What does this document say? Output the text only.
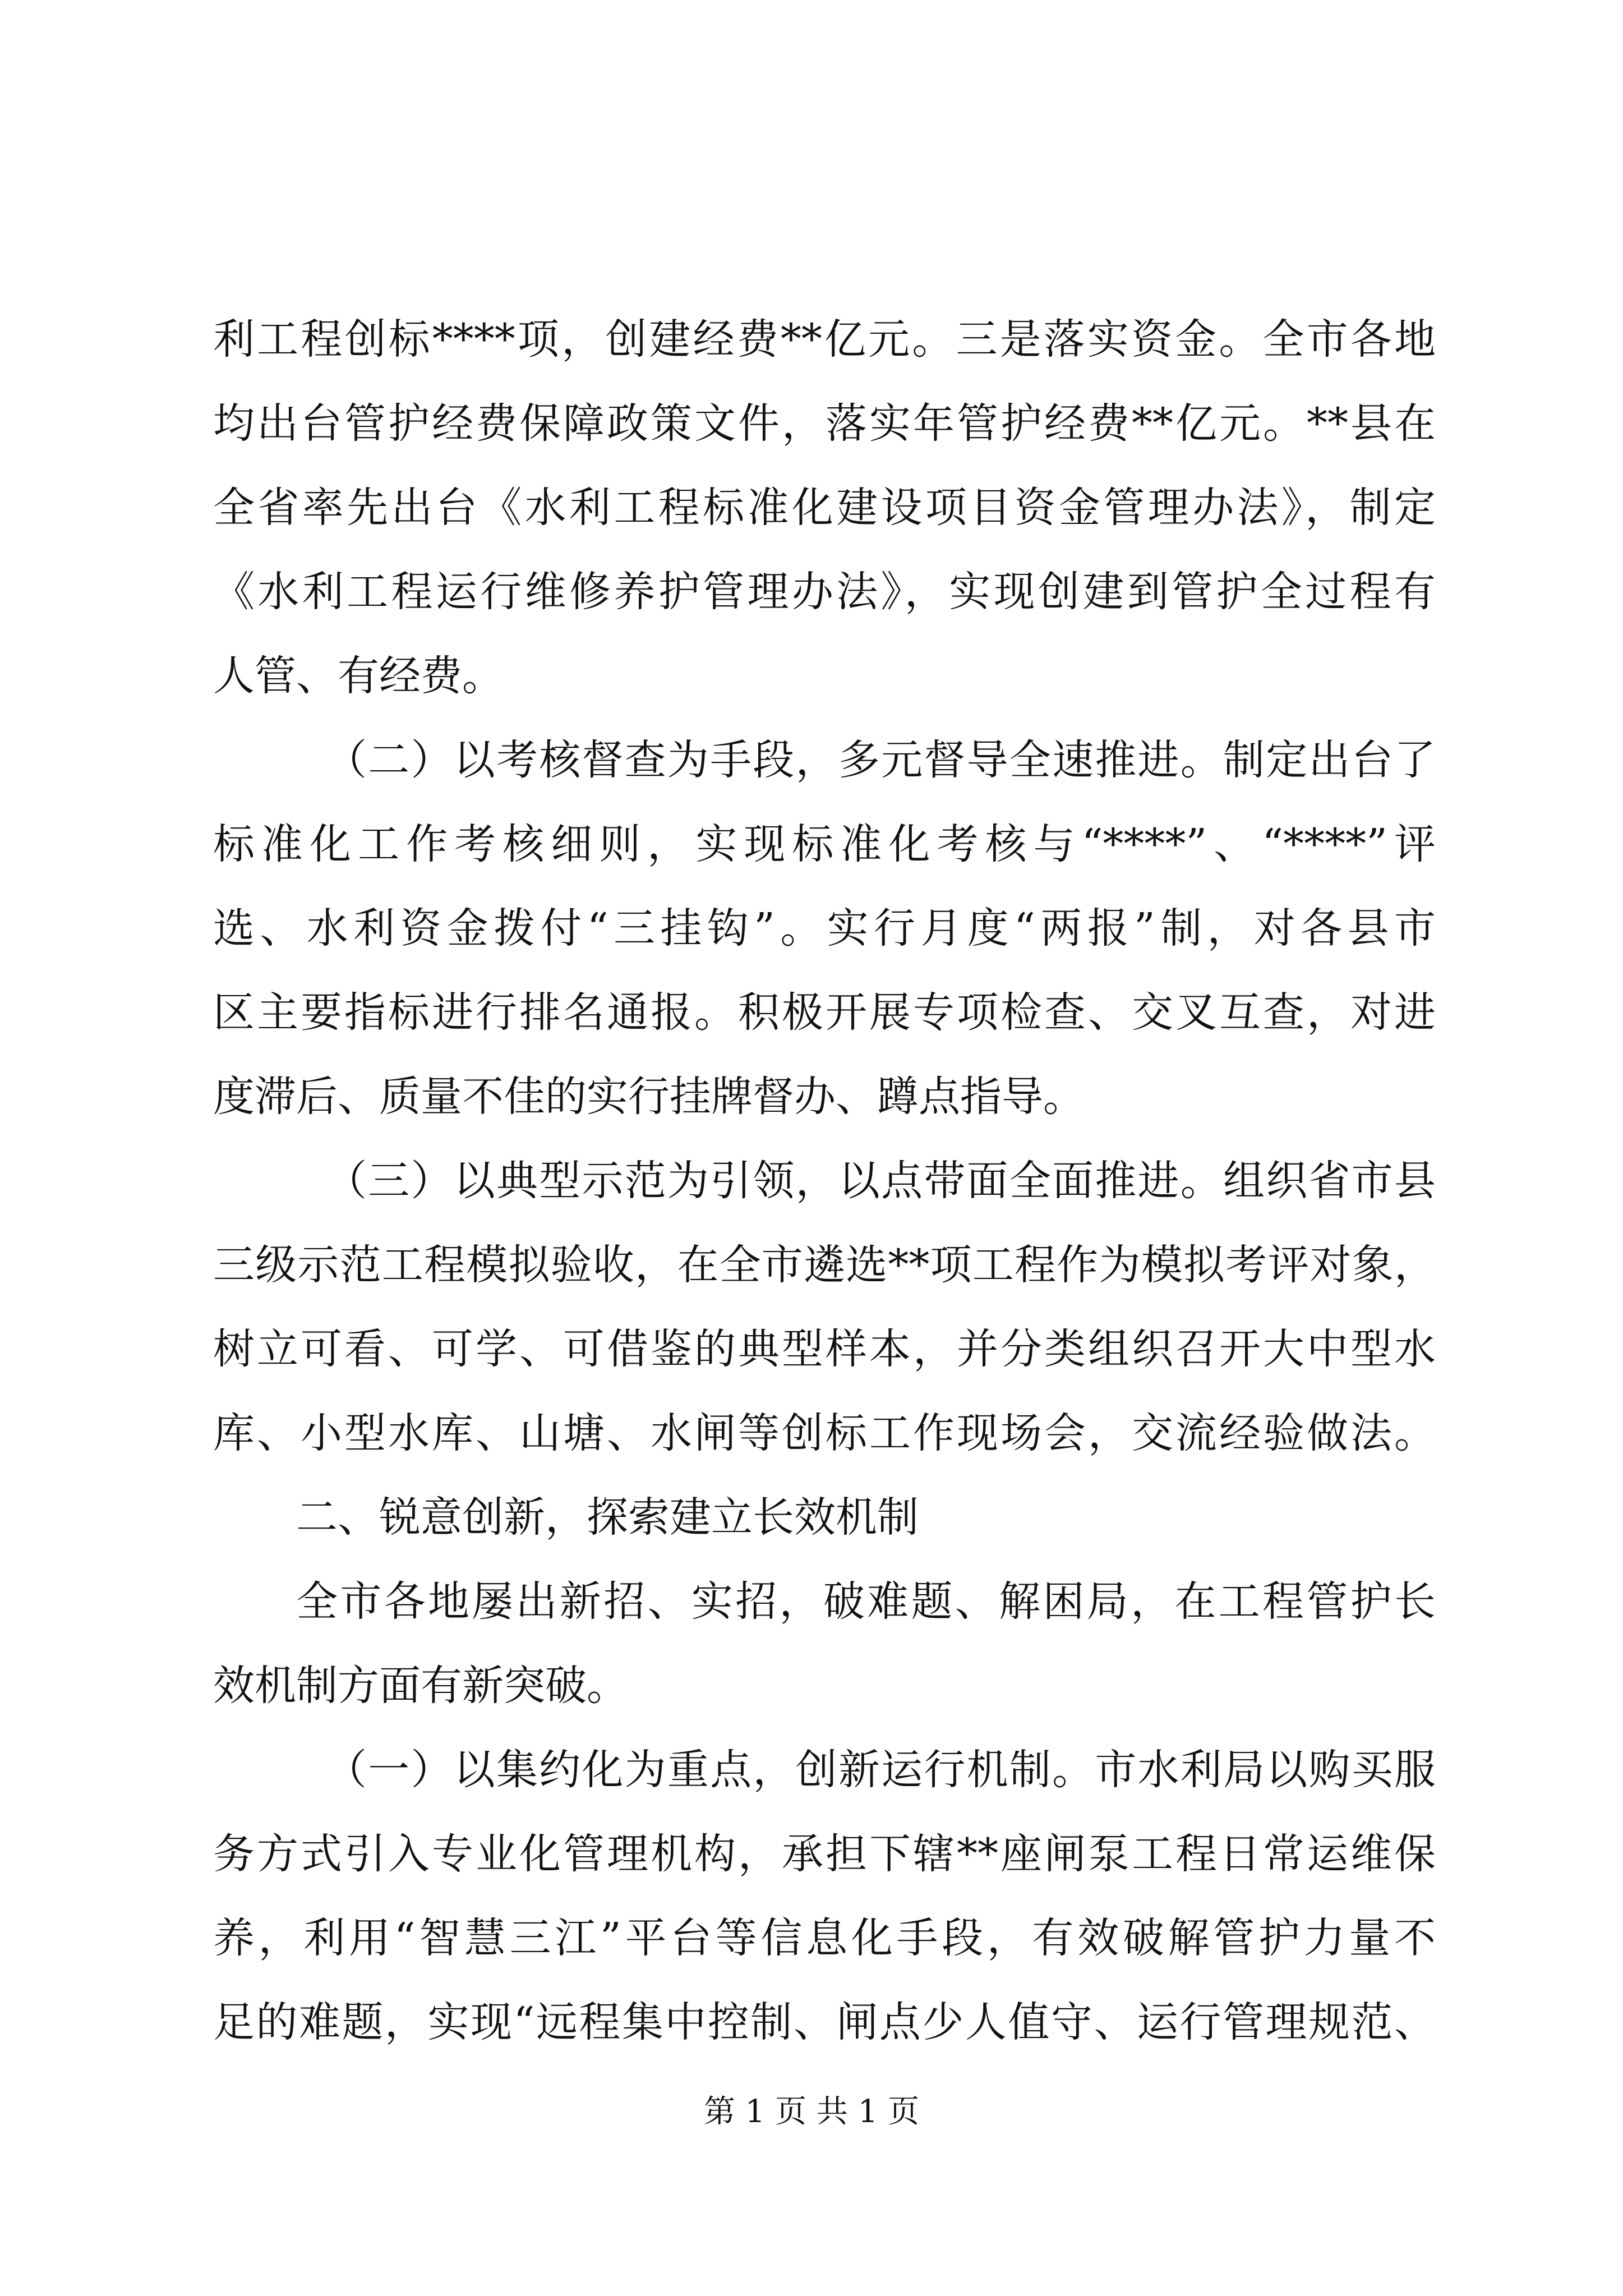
利工程创标****项，创建经费**亿元。三是落实资金。全市各地
均出台管护经费保障政策文件，落实年管护经费**亿元。**县在
全省率先出台《水利工程标准化建设项目资金管理办法》，制定
《水利工程运行维修养护管理办法》，实现创建到管护全过程有
人管、有经费。
（二）以考核督查为手段，多元督导全速推进。制定出台了
标准化工作考核细则，实现标准化考核与“****”、“****”评
选、水利资金拨付“三挂钩”。实行月度“两报”制，对各县市
区主要指标进行排名通报。积极开展专项检查、交叉互查，对进
度滞后、质量不佳的实行挂牌督办、蹲点指导。
（三）以典型示范为引领，以点带面全面推进。组织省市县
三级示范工程模拟验收，在全市遴选**项工程作为模拟考评对象，
树立可看、可学、可借鉴的典型样本，并分类组织召开大中型水
库、小型水库、山塘、水闸等创标工作现场会，交流经验做法。
二、锐意创新，探索建立长效机制
全市各地屡出新招、实招，破难题、解困局，在工程管护长
效机制方面有新突破。
（一）以集约化为重点，创新运行机制。市水利局以购买服
务方式引入专业化管理机构，承担下辖**座闸泵工程日常运维保
养，利用“智慧三江”平台等信息化手段，有效破解管护力量不
足的难题，实现“远程集中控制、闸点少人值守、运行管理规范、
第 1 页 共 1 页
